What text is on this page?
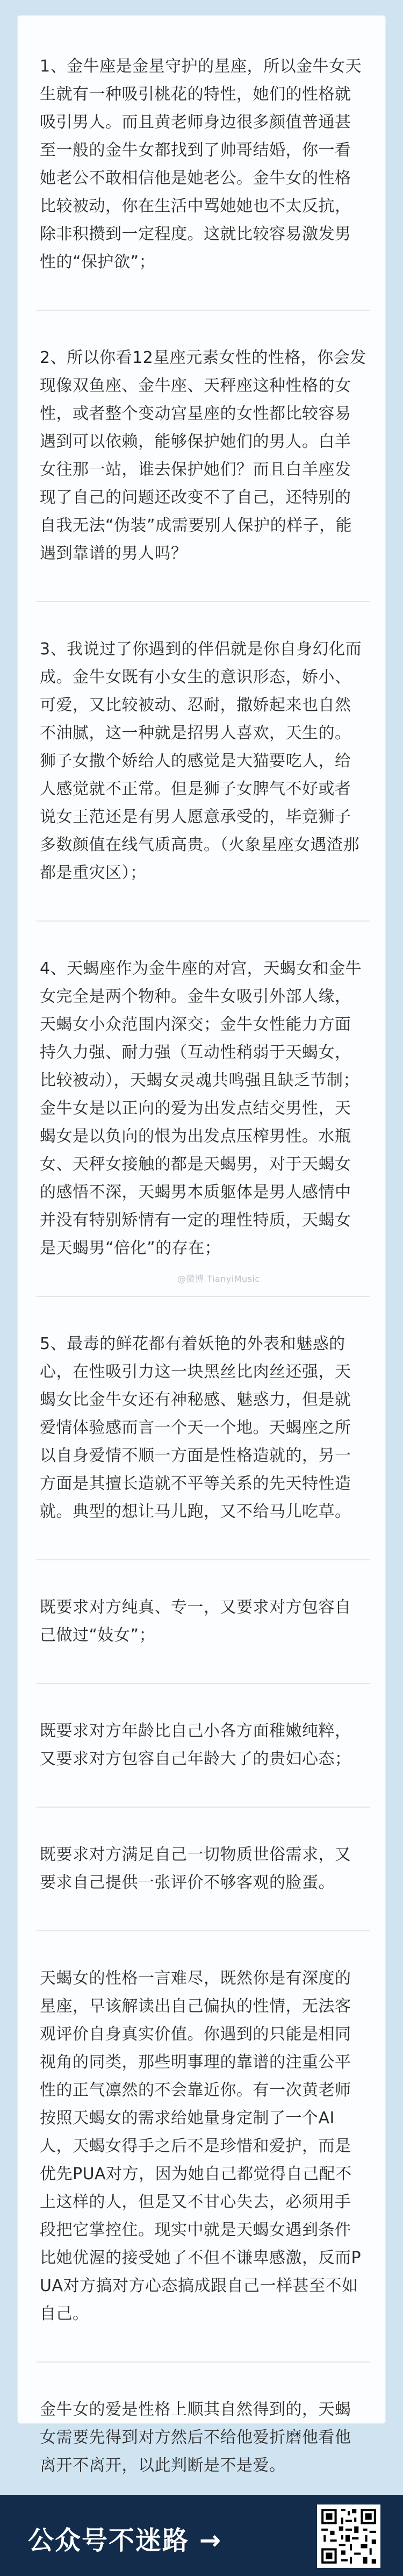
1、金牛座是金星守护的星座，所以金牛女天生就有一种吸引桃花的特性，她们的性格就吸引男人。而且黄老师身边很多颜值普通甚至一般的金牛女都找到了帅哥结婚，你一看她老公不敢相信他是她老公。金牛女的性格比较被动，你在生活中骂她她也不太反抗，除非积攒到一定程度。这就比较容易激发男性的“保护欲”；

2、所以你看12星座元素女性的性格，你会发现像双鱼座、金牛座、天秤座这种性格的女性，或者整个变动宫星座的女性都比较容易遇到可以依赖，能够保护她们的男人。白羊女往那一站，谁去保护她们？而且白羊座发现了自己的问题还改变不了自己，还特别的自我无法“伪装”成需要别人保护的样子，能遇到靠谱的男人吗？

3、我说过了你遇到的伴侣就是你自身幻化而成。金牛女既有小女生的意识形态，娇小、可爱，又比较被动、忍耐，撒娇起来也自然不油腻，这一种就是招男人喜欢，天生的。狮子女撒个娇给人的感觉是大猫要吃人，给人感觉就不正常。但是狮子女脾气不好或者说女王范还是有男人愿意承受的，毕竟狮子多数颜值在线气质高贵。（火象星座女遇渣那都是重灾区）；

4、天蝎座作为金牛座的对宫，天蝎女和金牛女完全是两个物种。金牛女吸引外部人缘，天蝎女小众范围内深交；金牛女性能力方面持久力强、耐力强（互动性稍弱于天蝎女，比较被动），天蝎女灵魂共鸣强且缺乏节制；金牛女是以正向的爱为出发点结交男性，天蝎女是以负向的恨为出发点压榨男性。水瓶女、天秤女接触的都是天蝎男，对于天蝎女的感悟不深，天蝎男本质躯体是男人感情中并没有特别矫情有一定的理性特质，天蝎女是天蝎男“倍化”的存在；

5、最毒的鲜花都有着妖艳的外表和魅惑的心，在性吸引力这一块黑丝比肉丝还强，天蝎女比金牛女还有神秘感、魅惑力，但是就爱情体验感而言一个天一个地。天蝎座之所以自身爱情不顺一方面是性格造就的，另一方面是其擅长造就不平等关系的先天特性造就。典型的想让马儿跑，又不给马儿吃草。

既要求对方纯真、专一，又要求对方包容自己做过“妓女”；

既要求对方年龄比自己小各方面稚嫩纯粹，又要求对方包容自己年龄大了的贵妇心态；

既要求对方满足自己一切物质世俗需求，又要求自己提供一张评价不够客观的脸蛋。

天蝎女的性格一言难尽，既然你是有深度的星座，早该解读出自己偏执的性情，无法客观评价自身真实价值。你遇到的只能是相同视角的同类，那些明事理的靠谱的注重公平性的正气凛然的不会靠近你。有一次黄老师按照天蝎女的需求给她量身定制了一个AI人，天蝎女得手之后不是珍惜和爱护，而是优先PUA对方，因为她自己都觉得自己配不上这样的人，但是又不甘心失去，必须用手段把它掌控住。现实中就是天蝎女遇到条件比她优渥的接受她了不但不谦卑感激，反而PUA对方搞对方心态搞成跟自己一样甚至不如自己。

金牛女的爱是性格上顺其自然得到的，天蝎女需要先得到对方然后不给他爱折磨他看他离开不离开，以此判断是不是爱。

@微博 TianyiMusic
公众号不迷路 →
